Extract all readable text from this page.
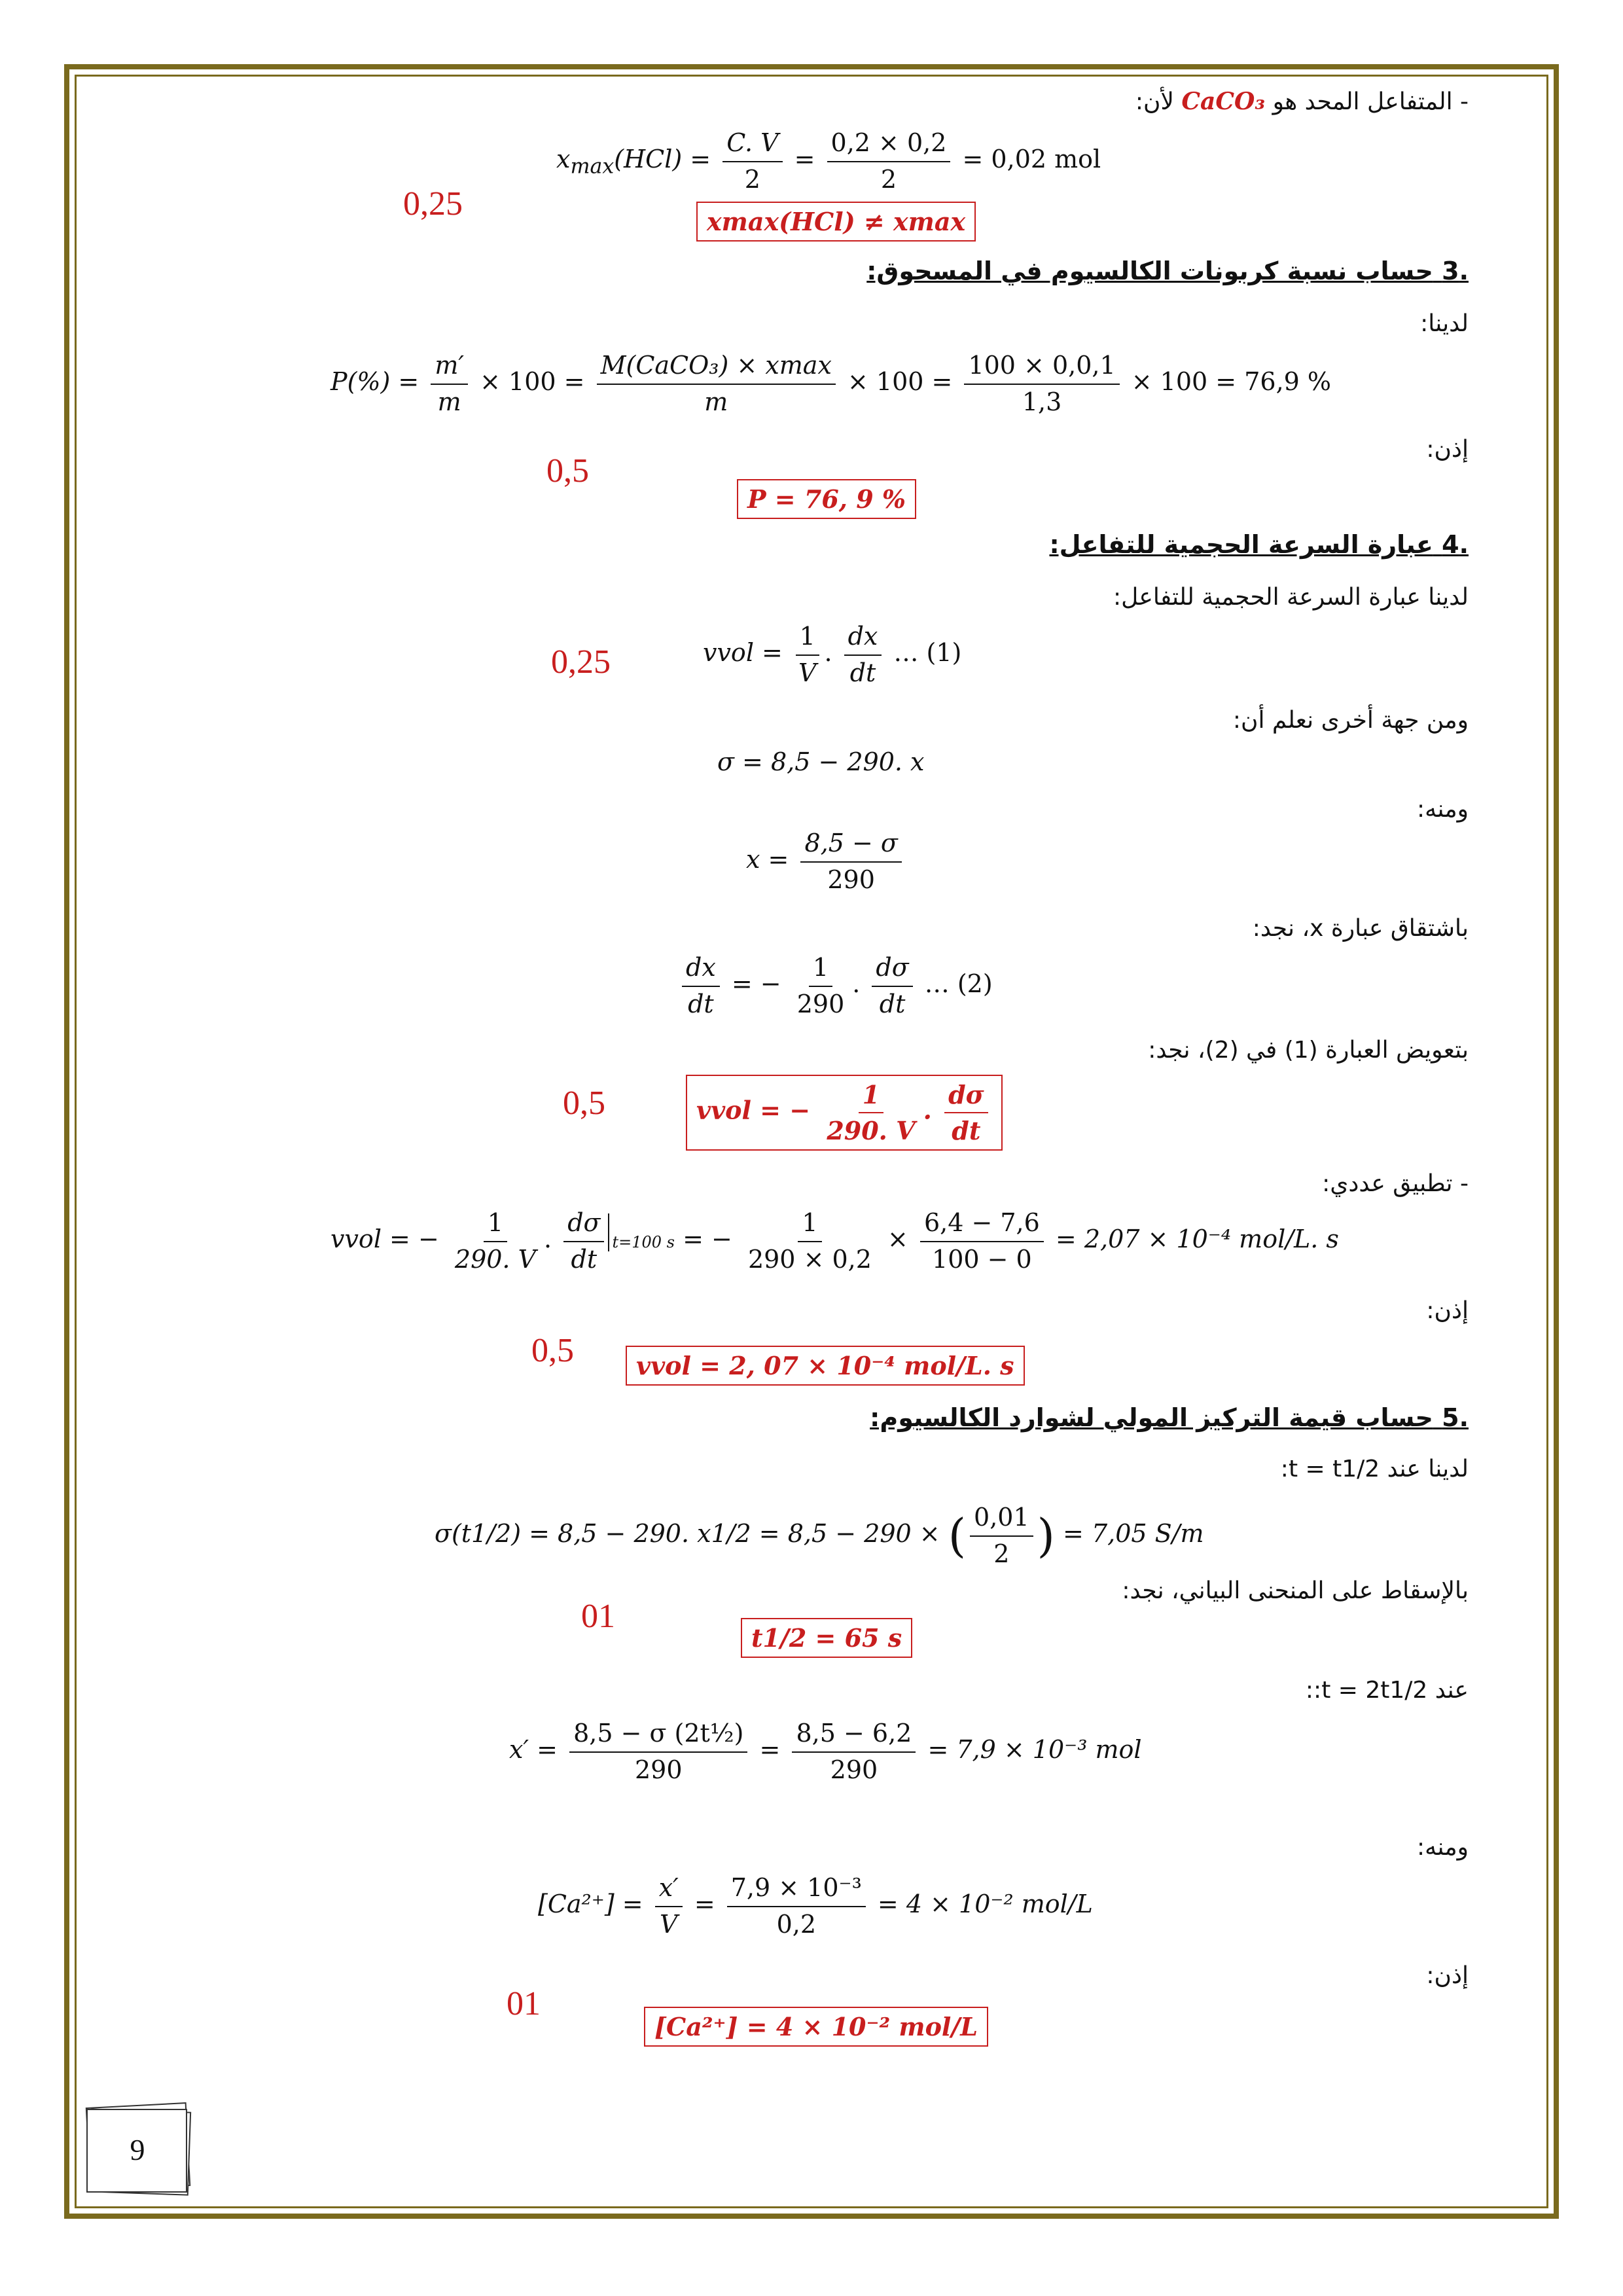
- المتفاعل المحد هو CaCO₃ لأن:
$x_{max}(HCl) = \frac{C. V}{2} = \frac{0,2 \times 0,2}{2} = 0,02$ mol
0,25	xmax(HCl) ≠ xmax
.3 حساب نسبة كربونات الكالسيوم في المسحوق:
لدينا:
$P(\%) = \frac{m'}{m} \times 100 = \frac{\text{M(CaCO₃) × xmax}}{m} \times 100 = \frac{100 \times 0,0,1}{1,3} \times 100 = 76,9$ %
إذن:
0,5
P = 76, 9 %
.4 عبارة السرعة الحجمية للتفاعل:
لدينا عبارة السرعة الحجمية للتفاعل:
vvol = $\frac{1}{V}$ . $\frac{dx}{dt}$ … (1)
0,25
ومن جهة أخرى نعلم أن:
σ = 8,5 − 290. x
ومنه:
$x = \frac{8,5 - \sigma}{290}$
باشتقاق عبارة x، نجد:
$\frac{dx}{dt}$ = − $\frac{1}{290}$ . $\frac{d\sigma}{dt}$ … (2)
بتعويض العبارة (1) في (2)، نجد:
0,5	vvol = − $\frac{1}{290. V}$ . $\frac{d\sigma}{dt}$
- تطبيق عددي:
vvol = − $\frac{1}{290. V}$ . $\frac{d\sigma}{dt} t=100$ s = − $\frac{1}{290 \times 0,2} \times \frac{6,4 - 7,6}{100 - 0} = 2,07 \times 10^{-4}$ mol/L. s
إذن:
0,5	vvol = 2, 07 × 10⁻⁴ mol/L. s
.5 حساب قيمة التركيز المولي لشوارد الكالسيوم:
لدينا عند t = t1/2:
σ(t1/2) = 8,5 − 290. x1/2 = 8,5 − 290 × ( $\frac{0,01}{2}$ ) = 7,05 S/m
بالإسقاط على المنحنى البياني، نجد:
01
t1/2 = 65 s
عند t = 2t1/2::
$x' = \frac{\text{8,5 − σ (2t½)}}{290} = \frac{8,5 - 6,2}{290} = 7,9 \times 10^{-3}$ mol
ومنه:
$[Ca^{2+}] = \frac{x'}{V} = \frac{\text{7,9 × 10⁻³}}{0,2} = 4 \times 10^{-2}$ mol/L
إذن:
01
[Ca²⁺] = 4 × 10⁻² mol/L
9
